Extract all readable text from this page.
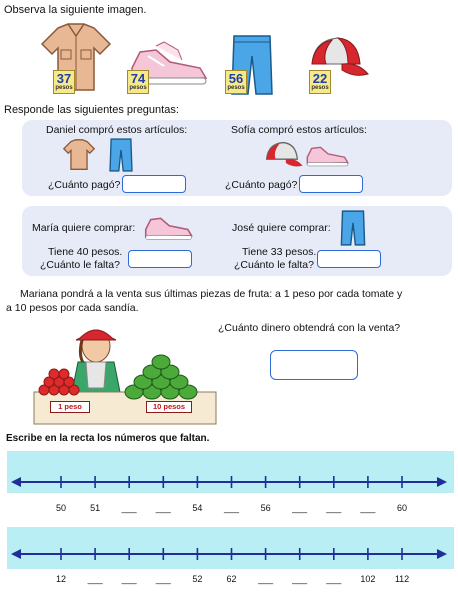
Observa la siguiente imagen.
37
pesos
74
pesos
56
pesos
22
pesos
Responde las siguientes preguntas:
Daniel compró estos artículos:
¿Cuánto pagó?
Sofía compró estos artículos:
¿Cuánto pagó?
María quiere comprar:
Tiene 40 pesos.
¿Cuánto le falta?
José quiere comprar:
Tiene 33 pesos.
¿Cuánto le falta?
Mariana pondrá a la venta sus últimas piezas de fruta: a 1 peso por cada tomate y
a 10 pesos por cada sandía.
¿Cuánto dinero obtendrá con la venta?
1 peso	10 pesos
Escribe en la recta los números que faltan.
50	51	___	___	54	___	56	___	___	___	60
12	___	___	___	52	62	___	___	___	102	112
